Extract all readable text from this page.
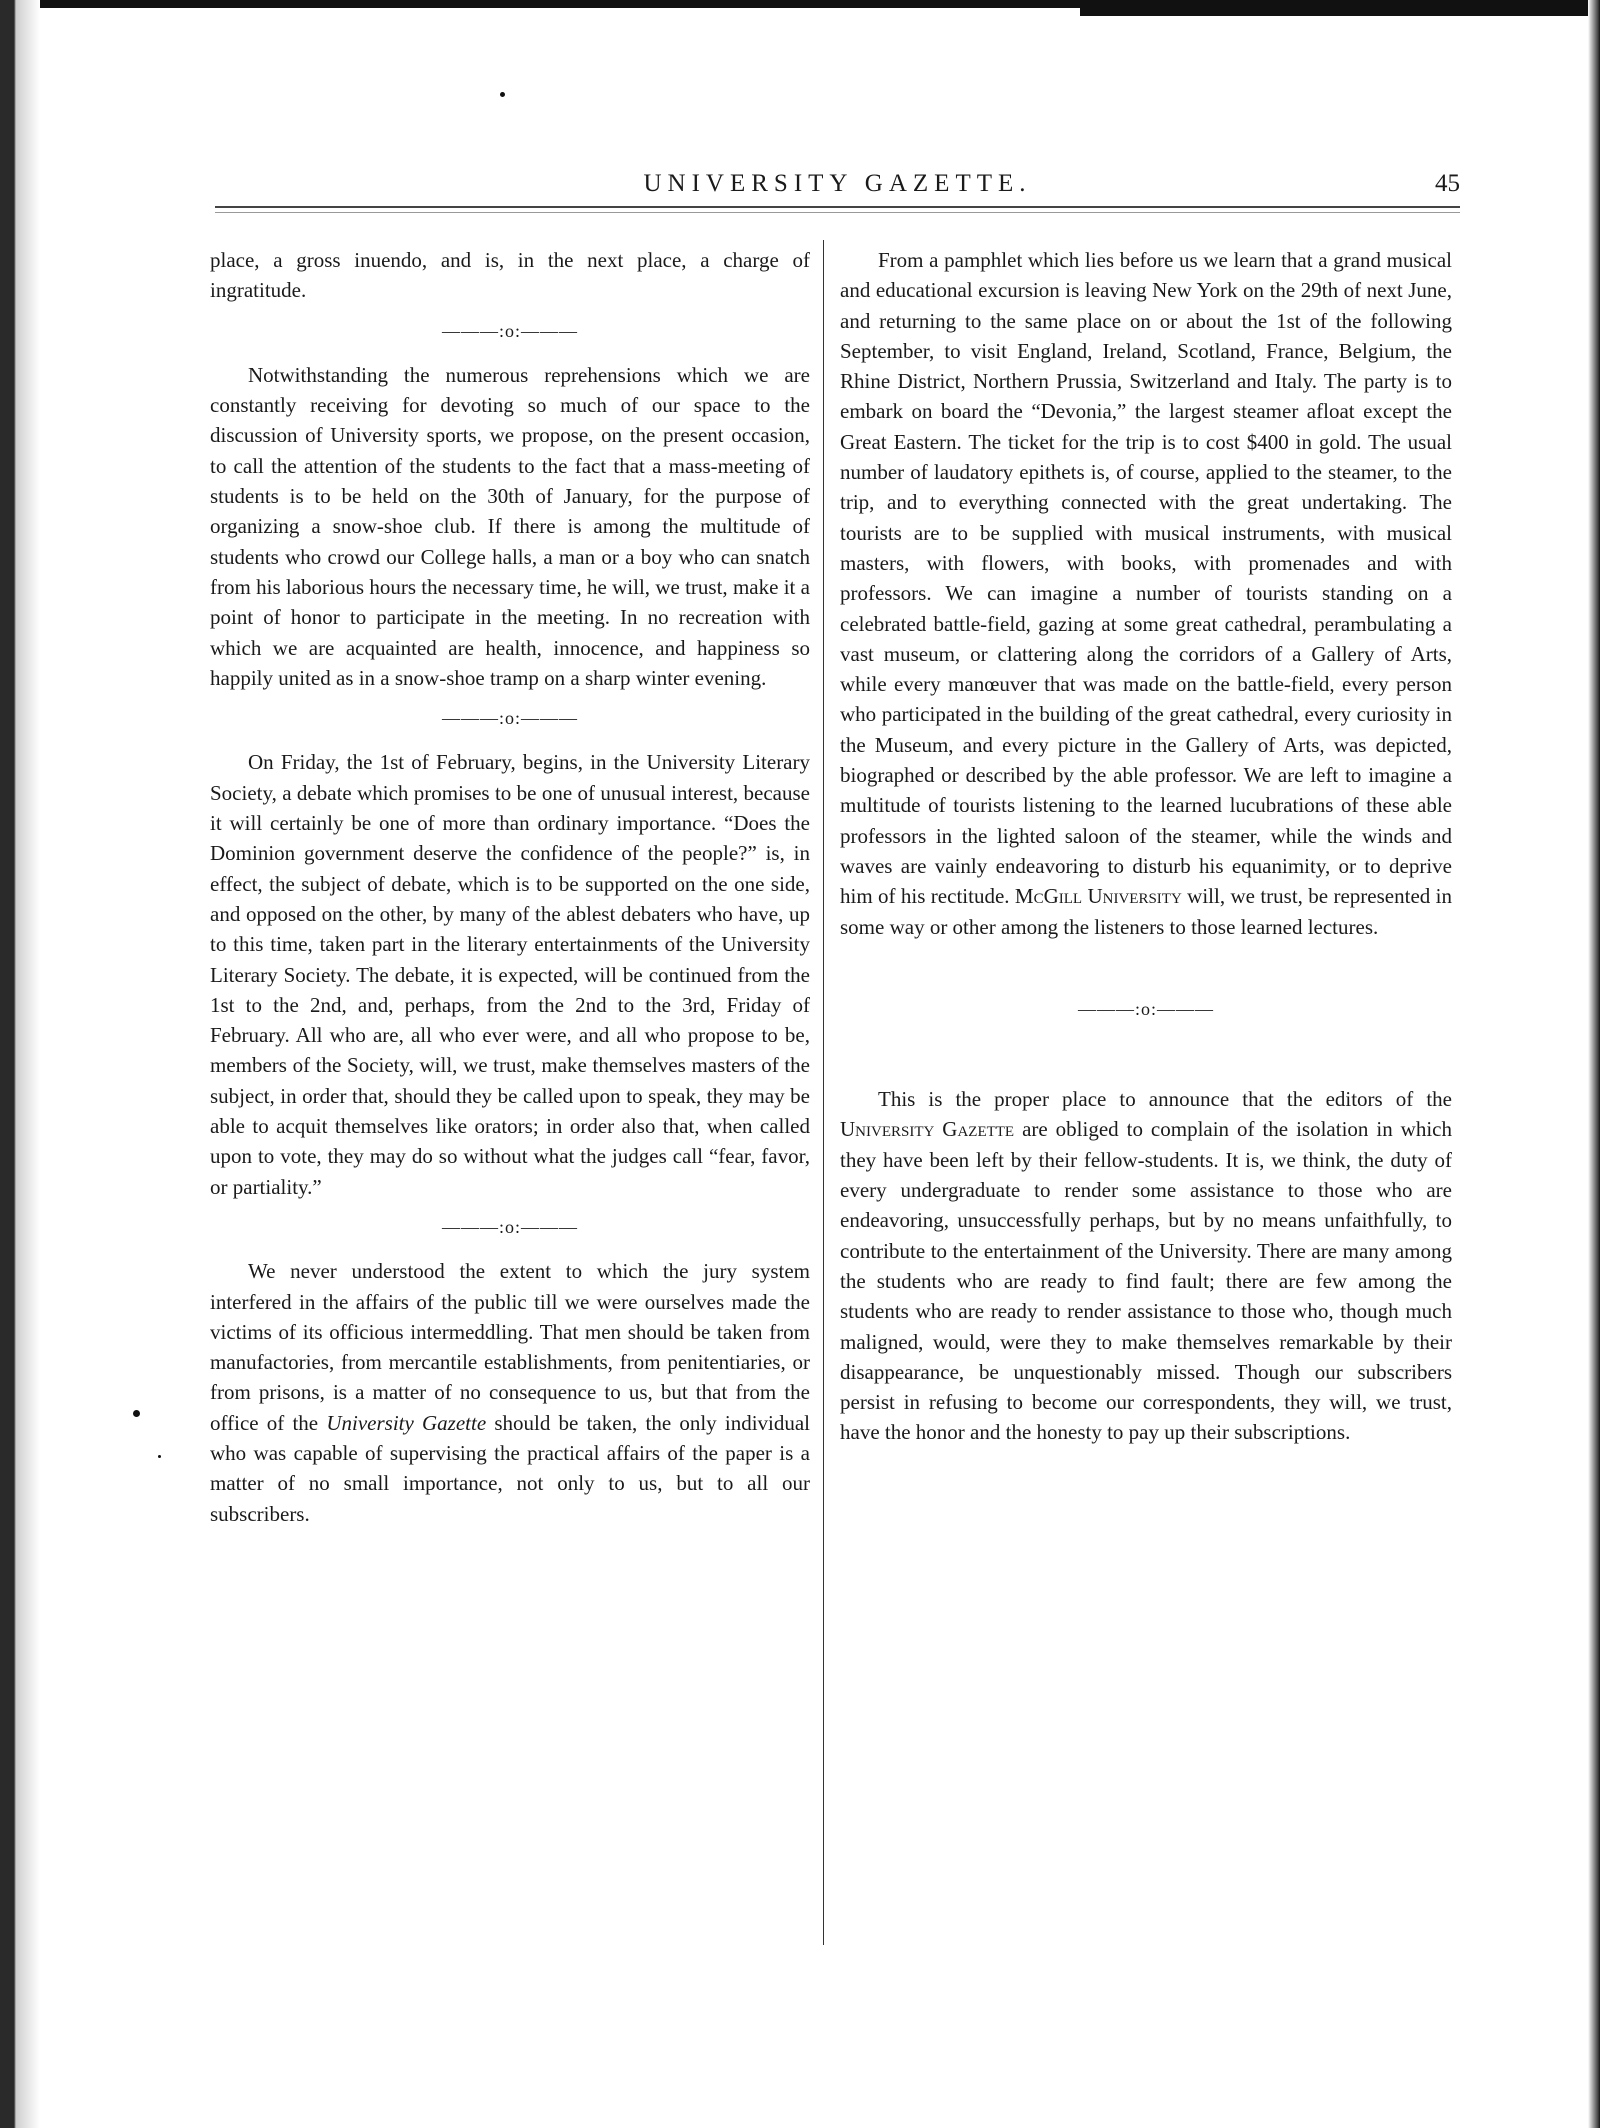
UNIVERSITY GAZETTE.	45

place, a gross inuendo, and is, in the next place, a charge of ingratitude.

———:o:———

Notwithstanding the numerous reprehensions which we are constantly receiving for devoting so much of our space to the discussion of University sports, we propose, on the present occasion, to call the attention of the students to the fact that a mass-meeting of students is to be held on the 30th of January, for the purpose of organizing a snow-shoe club. If there is among the multitude of students who crowd our College halls, a man or a boy who can snatch from his laborious hours the necessary time, he will, we trust, make it a point of honor to participate in the meeting. In no recreation with which we are acquainted are health, innocence, and happiness so happily united as in a snow-shoe tramp on a sharp winter evening.

———:o:———

On Friday, the 1st of February, begins, in the University Literary Society, a debate which promises to be one of unusual interest, because it will certainly be one of more than ordinary importance. “Does the Dominion government deserve the confidence of the people?” is, in effect, the subject of debate, which is to be supported on the one side, and opposed on the other, by many of the ablest debaters who have, up to this time, taken part in the literary entertainments of the University Literary Society. The debate, it is expected, will be continued from the 1st to the 2nd, and, perhaps, from the 2nd to the 3rd, Friday of February. All who are, all who ever were, and all who propose to be, members of the Society, will, we trust, make themselves masters of the subject, in order that, should they be called upon to speak, they may be able to acquit themselves like orators; in order also that, when called upon to vote, they may do so without what the judges call “fear, favor, or partiality.”

———:o:———

We never understood the extent to which the jury system interfered in the affairs of the public till we were ourselves made the victims of its officious intermeddling. That men should be taken from manufactories, from mercantile establishments, from penitentiaries, or from prisons, is a matter of no consequence to us, but that from the office of the University Gazette should be taken, the only individual who was capable of supervising the practical affairs of the paper is a matter of no small importance, not only to us, but to all our subscribers.

From a pamphlet which lies before us we learn that a grand musical and educational excursion is leaving New York on the 29th of next June, and returning to the same place on or about the 1st of the following September, to visit England, Ireland, Scotland, France, Belgium, the Rhine District, Northern Prussia, Switzerland and Italy. The party is to embark on board the “Devonia,” the largest steamer afloat except the Great Eastern. The ticket for the trip is to cost $400 in gold. The usual number of laudatory epithets is, of course, applied to the steamer, to the trip, and to everything connected with the great undertaking. The tourists are to be supplied with musical instruments, with musical masters, with flowers, with books, with promenades and with professors. We can imagine a number of tourists standing on a celebrated battle-field, gazing at some great cathedral, perambulating a vast museum, or clattering along the corridors of a Gallery of Arts, while every manœuver that was made on the battle-field, every person who participated in the building of the great cathedral, every curiosity in the Museum, and every picture in the Gallery of Arts, was depicted, biographed or described by the able professor. We are left to imagine a multitude of tourists listening to the learned lucubrations of these able professors in the lighted saloon of the steamer, while the winds and waves are vainly endeavoring to disturb his equanimity, or to deprive him of his rectitude. McGill University will, we trust, be represented in some way or other among the listeners to those learned lectures.

———:o:———

This is the proper place to announce that the editors of the University Gazette are obliged to complain of the isolation in which they have been left by their fellow-students. It is, we think, the duty of every undergraduate to render some assistance to those who are endeavoring, unsuccessfully perhaps, but by no means unfaithfully, to contribute to the entertainment of the University. There are many among the students who are ready to find fault; there are few among the students who are ready to render assistance to those who, though much maligned, would, were they to make themselves remarkable by their disappearance, be unquestionably missed. Though our subscribers persist in refusing to become our correspondents, they will, we trust, have the honor and the honesty to pay up their subscriptions.
